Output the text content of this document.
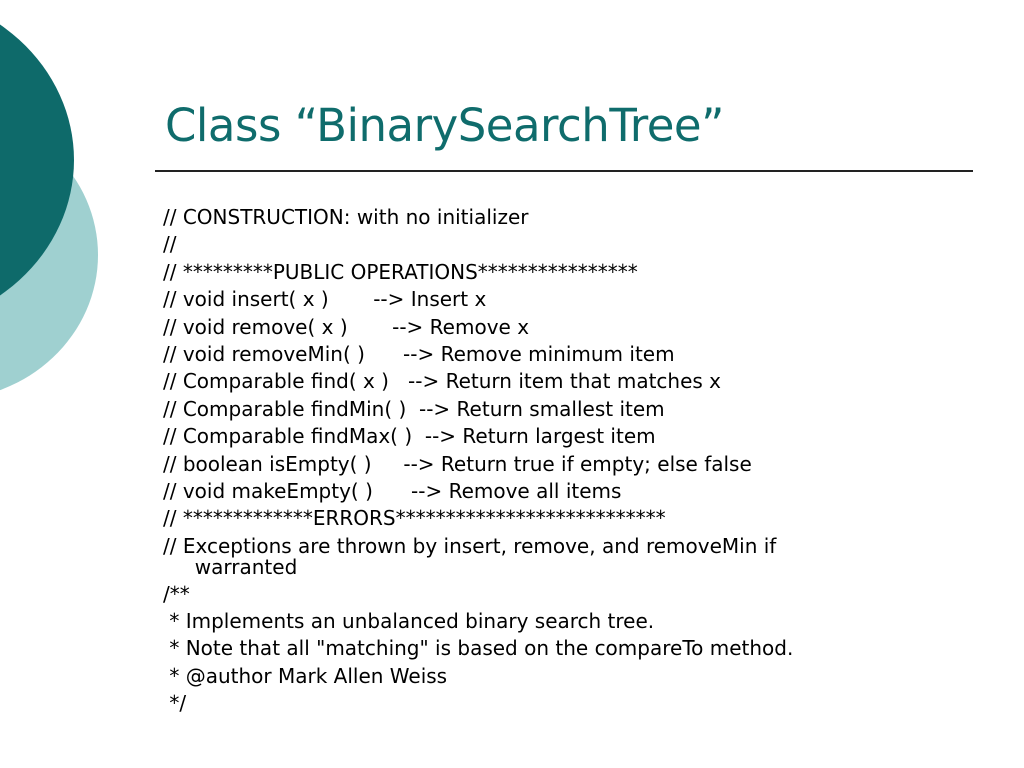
Class “BinarySearchTree”
// CONSTRUCTION: with no initializer
//
// *********PUBLIC OPERATIONS****************
// void insert( x )       --> Insert x
// void remove( x )       --> Remove x
// void removeMin( )      --> Remove minimum item
// Comparable find( x )   --> Return item that matches x
// Comparable findMin( )  --> Return smallest item
// Comparable findMax( )  --> Return largest item
// boolean isEmpty( )     --> Return true if empty; else false
// void makeEmpty( )      --> Remove all items
// *************ERRORS***************************
// Exceptions are thrown by insert, remove, and removeMin if
warranted
/**
* Implements an unbalanced binary search tree.
* Note that all "matching" is based on the compareTo method.
* @author Mark Allen Weiss
*/
